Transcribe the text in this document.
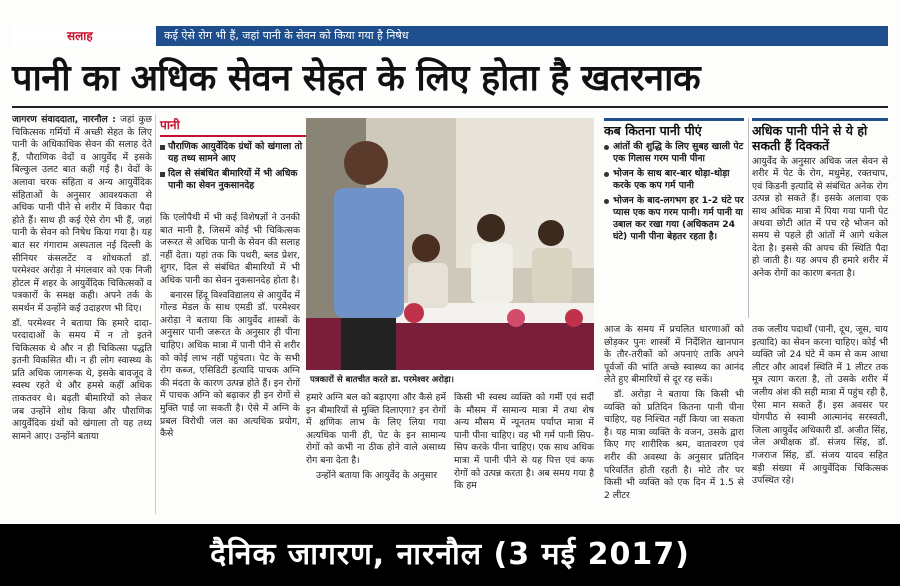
सलाह	कई ऐसे रोग भी हैं, जहां पानी के सेवन को किया गया है निषेध
पानी का अधिक सेवन सेहत के लिए होता है खतरनाक

जागरण संवाददाता, नारनौल : जहां कुछ चिकित्सक गर्मियों में अच्छी सेहत के लिए पानी के अधिकाधिक सेवन की सलाह देते हैं, पौराणिक वेदों व आयुर्वेद में इसके बिल्कुल उलट बात कही गई है। वेदों के अलावा चरक संहिता व अन्य आयुर्वेदिक संहिताओं के अनुसार आवश्यकता से अधिक पानी पीने से शरीर में विकार पैदा होते हैं। साथ ही कई ऐसे रोग भी हैं, जहां पानी के सेवन को निषेध किया गया है। यह बात सर गंगाराम अस्पताल नई दिल्ली के सीनियर कंसलटेंट व शोधकर्ता डॉ. परमेश्वर अरोड़ा ने मंगलवार को एक निजी होटल में शहर के आयुर्वेदिक चिकित्सकों व पत्रकारों के समक्ष कही। अपने तर्क के समर्थन में उन्होंने कई उदाहरण भी दिए।

डॉ. परमेश्वर ने बताया कि हमारे दादा-परदादाओं के समय में न तो इतने चिकित्सक थे और न ही चिकित्सा पद्धति इतनी विकसित थी। न ही लोग स्वास्थ्य के प्रति अधिक जागरूक थे, इसके बावजूद वे स्वस्थ रहते थे और हमसे कहीं अधिक ताकतवर थे। बढ़ती बीमारियों को लेकर जब उन्होंने शोध किया और पौराणिक आयुर्वेदिक ग्रंथों को खंगाला तो यह तथ्य सामने आए। उन्होंने बताया

पानी
पौराणिक आयुर्वेदिक ग्रंथों को खंगाला तो यह तथ्य सामने आए
दिल से संबंधित बीमारियों में भी अधिक पानी का सेवन नुकसानदेह

कि एलोपैथी में भी कई विशेषज्ञों ने उनकी बात मानी है, जिसमें कोई भी चिकित्सक जरूरत से अधिक पानी के सेवन की सलाह नहीं देता। यहां तक कि पथरी, ब्लड प्रेशर, शुगर, दिल से संबंधित बीमारियों में भी अधिक पानी का सेवन नुकसानदेह होता है।

बनारस हिंदू विश्वविद्यालय से आयुर्वेद में गोल्ड मेडल के साथ एमडी डॉ. परमेश्वर अरोड़ा ने बताया कि आयुर्वेद शास्त्रों के अनुसार पानी जरूरत के अनुसार ही पीना चाहिए। अधिक मात्रा में पानी पीने से शरीर को कोई लाभ नहीं पहुंचता। पेट के सभी रोग कब्ज, एसिडिटी इत्यादि पाचक अग्नि की मंदता के कारण उत्पन्न होते हैं। इन रोगों में पाचक अग्नि को बढ़ाकर ही इन रोगों से मुक्ति पाई जा सकती है। ऐसे में अग्नि के प्रबल विरोधी जल का अत्यधिक प्रयोग, कैसे

पत्रकारों से बातचीत करते डा. परमेश्वर अरोड़ा।

हमारे अग्नि बल को बढ़ाएगा और कैसे हमें इन बीमारियों से मुक्ति दिलाएगा? इन रोगों में क्षणिक लाभ के लिए लिया गया अत्यधिक पानी ही, पेट के इन सामान्य रोगों को कभी ना ठीक होने वाले असाध्य रोग बना देता है।

उन्होंने बताया कि आयुर्वेद के अनुसार

किसी भी स्वस्थ व्यक्ति को गर्मी एवं सर्दी के मौसम में सामान्य मात्रा में तथा शेष अन्य मौसम में न्यूनतम पर्याप्त मात्रा में पानी पीना चाहिए। वह भी गर्म पानी सिप-सिप करके पीना चाहिए। एक साथ अधिक मात्रा में पानी पीने से यह पित्त एवं कफ रोगों को उत्पन्न करता है। अब समय गया है कि हम

कब कितना पानी पीएं
आंतों की शुद्धि के लिए सुबह खाली पेट एक गिलास गरम पानी पीना
भोजन के साथ बार-बार थोड़ा-थोड़ा करके एक कप गर्म पानी
भोजन के बाद-लगभग हर 1-2 घंटे पर प्यास एक कप गरम पानी। गर्म पानी या उबाल कर रखा गया (अधिकतम 24 घंटे) पानी पीना बेहतर रहता है।
अधिक पानी पीने से ये हो सकती हैं दिक्कतें
आयुर्वेद के अनुसार अधिक जल सेवन से शरीर में पेट के रोग, मधुमेह, रक्तचाप, एवं किडनी इत्यादि से संबंधित अनेक रोग उत्पन्न हो सकते हैं। इसके अलावा एक साथ अधिक मात्रा में पिया गया पानी पेट अथवा छोटी आंत में पच रहे भोजन को समय से पहले ही आंतों में आगे धकेल देता है। इससे की अपच की स्थिति पैदा हो जाती है। यह अपच ही हमारे शरीर में अनेक रोगों का कारण बनता है।

आज के समय में प्रचलित धारणाओं को छोड़कर पुनः शास्त्रों में निर्देशित खानपान के तौर-तरीकों को अपनाएं ताकि अपने पूर्वजों की भांति अच्छे स्वास्थ्य का आनंद लेते हुए बीमारियों से दूर रह सकें।

डॉ. अरोड़ा ने बताया कि किसी भी व्यक्ति को प्रतिदिन कितना पानी पीना चाहिए, यह निश्चित नहीं किया जा सकता है। यह मात्रा व्यक्ति के वजन, उसके द्वारा किए गए शारीरिक श्रम, वातावरण एवं शरीर की अवस्था के अनुसार प्रतिदिन परिवर्तित होती रहती है। मोटे तौर पर किसी भी व्यक्ति को एक दिन में 1.5 से 2 लीटर

तक जलीय पदार्थों (पानी, दूध, जूस, चाय इत्यादि) का सेवन करना चाहिए। कोई भी व्यक्ति जो 24 घंटे में कम से कम आधा लीटर और आदर्श स्थिति में 1 लीटर तक मूत्र त्याग करता है, तो उसके शरीर में जलीय अंश की सही मात्रा में पहुंच रही है, ऐसा मान सकते हैं। इस अवसर पर योगपीठ से स्वामी आत्मानंद सरस्वती, जिला आयुर्वेद अधिकारी डॉ. अजीत सिंह, जेल अधीक्षक डॉ. संजय सिंह, डॉ. गजराज सिंह, डॉ. संजय यादव सहित बड़ी संख्या में आयुर्वेदिक चिकित्सक उपस्थित रहे।

दैनिक जागरण, नारनौल (3 मई 2017)
